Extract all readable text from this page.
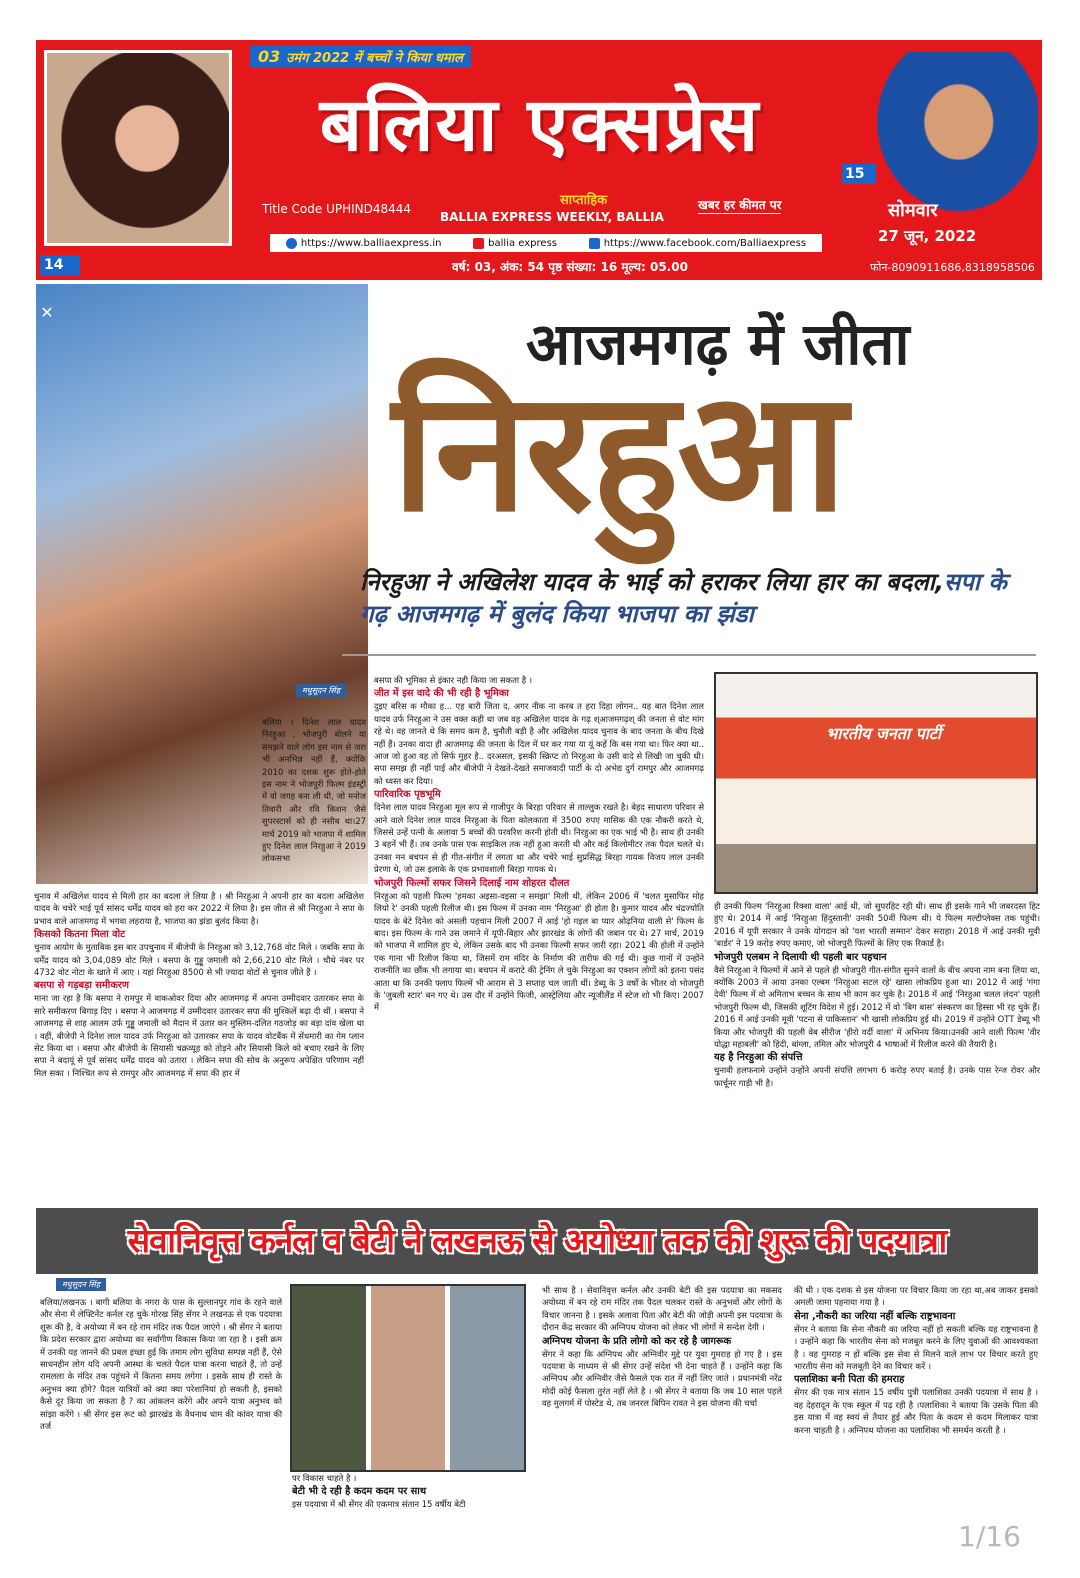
14
15
03 उमंग 2022 में बच्चों ने किया धमाल
बलिया एक्सप्रेस
Title Code UPHIND48444
साप्ताहिक
BALLIA EXPRESS WEEKLY, BALLIA
खबर हर कीमत पर	सोमवार
27 जून, 2022
https://www.balliaexpress.in	ballia express	https://www.facebook.com/Balliaexpress
वर्ष: 03, अंक: 54 पृष्ठ संख्या: 16 मूल्य: 05.00	फोन-8090911686,8318958506
✕	आजमगढ़ में जीता
निरहुआ
निरहुआ ने अखिलेश यादव के भाई को हराकर लिया हार का बदला,सपा के गढ़ आजमगढ़ में बुलंद किया भाजपा का झंडा
मधुसूदन सिंह

बलिया । दिनेश लाल यादव निरहुआ , भोजपुरी बोलने या समझने वाले लोग इस नाम से जरा भी अनभिज्ञ नहीं हैं, क्योंकि 2010 का दशक शुरू होते-होते इस नाम ने भोजपुरी फिल्म इंडस्ट्री में वो जगह बना ली थी, जो मनोज तिवारी और रवि किशन जैसे सुपरस्टार्स को ही नसीब था।27 मार्च 2019 को भाजपा में शामिल हुए दिनेश लाल निरहुआ ने 2019 लोकसभा

चुनाव में अखिलेश यादव से मिली हार का बदला ले लिया है । श्री निरहुआ ने अपनी हार का बदला अखिलेश यादव के चचेरे भाई पूर्व सांसद धर्मेंद्र यादव को हरा कर 2022 में लिया है। इस जीत से श्री निरहुआ ने सपा के प्रभाव वाले आजमगढ़ में भगवा लहराया है, भाजपा का झंडा बुलंद किया है।

किसको कितना मिला वोट

चुनाव आयोग के मुताबिक इस बार उपचुनाव में बीजेपी के निरहुआ को 3,12,768 वोट मिले । जबकि सपा के धर्मेंद्र यादव को 3,04,089 वोट मिले । बसपा के गुड्डू जमाली को 2,66,210 वोट मिले । चौथे नंबर पर 4732 वोट नोटा के खाते में आए । यहां निरहुआ 8500 से भी ज्यादा वोटों से चुनाव जीते हैं ।

बसपा से गड़बड़ा समीकरण

माना जा रहा है कि बसपा ने रामपुर में वाकओवर दिया और आजमगढ़ में अपना उम्मीदवार उतारकर सपा के सारे समीकरण बिगाड़ दिए । बसपा ने आजमगढ़ में उम्मीदवार उतारकर सपा की मुश्किलें बढ़ा दी थीं । बसपा ने आजमगढ़ से शाह आलम उर्फ गुड्डू जमाली को मैदान में उतार कर मुस्लिम-दलित गठजोड़ का बड़ा दांव खेला था । वहीं, बीजेपी ने दिनेश लाल यादव उर्फ निरहुआ को उतारकर सपा के यादव वोटबैंक में सेंधमारी का गेम प्लान सेट किया था । बसपा और बीजेपी के सियासी चक्रव्यूह को तोड़ने और सियासी किले को बचाए रखने के लिए सपा ने बदायूं से पूर्व सांसद धर्मेंद्र यादव को उतारा । लेकिन सपा की सोच के अनुरूप अपेक्षित परिणाम नहीं मिल सका । निश्चित रूप से रामपुर और आजमगढ़ में सपा की हार में

बसपा की भूमिका से इंकार नही किया जा सकता है ।

जीत में इस वादे की भी रही है भूमिका

दुइए बरिस क मौका ह... एह बारी जिता द, अगर नीक ना करब त हरा दिहा लोगन.. यह बात दिनेश लाल यादव उर्फ निरहुआ ने उस वक्त कही था जब वह अखिलेश यादव के गढ़ श्आजमगढ़श् की जनता से वोट मांग रहे थे। वह जानते थे कि समय कम है, चुनौती बड़ी है और अखिलेश यादव चुनाव के बाद जनता के बीच दिखे नहीं हैं। उनका वादा ही आजमगढ़ की जनता के दिल में घर कर गया या यूं कहें कि बस गया था। फिर क्या था.. आज जो हुआ वह तो सिर्फ मुहर है.. दरअसल, इसकी स्क्रिप्ट तो निरहुआ के उसी वादे से लिखी जा चुकी थी। सपा समझ ही नहीं पाई और बीजेपी ने देखते-देखते समाजवादी पार्टी के दो अभेद्य दुर्ग रामपुर और आजमगढ़ को ध्वस्त कर दिया।

पारिवारिक पृष्ठभूमि

दिनेश लाल यादव निरहुआ मूल रूप से गाजीपुर के बिरहा परिवार से ताल्लुक रखते है। बेहद साधारण परिवार से आने वाले दिनेश लाल यादव निरहुआ के पिता कोलकाता में 3500 रुपए मासिक की एक नौकरी करते थे, जिससे उन्हें पत्नी के अलावा 5 बच्चों की परवरिश करनी होती थी। निरहुआ का एक भाई भी है। साथ ही उनकी 3 बहनें भी हैं। तब उनके पास एक साइकिल तक नहीं हुआ करती थी और कई किलोमीटर तक पैदल चलते थे। उनका मन बचपन से ही गीत-संगीत में लगता था और चचेरे भाई सुप्रसिद्ध बिरहा गायक विजय लाल उनकी प्रेरणा थे, जो उस इलाके के एक प्रभावशाली बिरहा गायक थे।

भोजपुरी फिल्मों सफर जिसने दिलाई नाम शोहरत दौलत

निरहुआ को पहली फिल्म 'हमका अइसा-वइसा न समझा' मिली थी, लेकिन 2006 में 'चलत मुसाफिर मोह लियो रे' उनकी पहली रिलीज थी। इस फिल्म में उनका नाम 'निरहुआ' ही होता है। कुमार यादव और चंद्रज्योति यादव के बेटे दिनेश को असली पहचान मिली 2007 में आई 'हो गइल बा प्यार ओढ़निया वाली से' फिल्म के बाद। इस फिल्म के गाने उस जमाने में यूपी-बिहार और झारखंड के लोगों की जबान पर थे। 27 मार्च, 2019 को भाजपा में शामिल हुए थे, लेकिन उसके बाद भी उनका फिल्मी सफर जारी रहा। 2021 की होली में उन्होंने एक गाना भी रिलीज किया था, जिसमें राम मंदिर के निर्माण की तारीफ की गई थी। कुछ गानों में उन्होंने राजनीति का छौंक भी लगाया था। बचपन में कराटे की ट्रेनिंग ले चुके निरहुआ का एक्शन लोगों को इतना पसंद आता था कि उनकी फ्लाप फिल्में भी आराम से 3 सप्ताह चल जाती थीं। डेब्यू के 3 वर्षों के भीतर वो भोजपुरी के 'जुबली स्टार' बन गए थे। उस दौर में उन्होंने फिजी, आस्ट्रेलिया और न्यूजीलैंड में स्टेज शो भी किए। 2007 में

भारतीय जनता पार्टी

ही उनकी फिल्म 'निरहुआ रिक्शा वाला' आई थी, जो सुपरहिट रही थी। साथ ही इसके गाने भी जबरदस्त हिट हुए थे। 2014 में आई 'निरहुआ हिंदुस्तानी' उनकी 50वीं फिल्म थी। ये फिल्म मल्टीप्लेक्स तक पहुंची। 2016 में यूपी सरकार ने उनके योगदान को 'यश भारती सम्मान' देकर सराहा। 2018 में आई उनकी मूवी 'बार्डर' ने 19 करोड़ रुपए कमाए, जो भोजपुरी फिल्मों के लिए एक रिकार्ड है।

भोजपुरी एलबम ने दिलायी थी पहली बार पहचान

वैसे निरहुआ ने फिल्मों में आने से पहले ही भोजपुरी गीत-संगीत सुनने वालों के बीच अपना नाम बना लिया था, क्योंकि 2003 में आया उनका एल्बम 'निरहुआ सटल रहे' खासा लोकप्रिय हुआ था। 2012 में आई 'गंगा देवी' फिल्म में वो अमिताभ बच्चन के साथ भी काम कर चुके है। 2018 में आई 'निरहुआ चलल लंदन' पहली भोजपुरी फिल्म थी, जिसकी शूटिंग विदेश में हुई। 2012 में वो 'बिग बास' संस्करण का हिस्सा भी रह चुके हैं। 2016 में आई उनकी मूवी 'पटना से पाकिस्तान' भी खासी लोकप्रिय हुई थी। 2019 में उन्होंने OTT डेब्यू भी किया और भोजपुरी की पहली वेब सीरीज 'हीरो वर्दी वाला' में अभिनय किया।उनकी आने वाली फिल्म 'वीर योद्धा महाबली' को हिंदी, बांग्ला, तमिल और भोजपुरी 4 भाषाओं में रिलीज करने की तैयारी है।

यह है निरहुआ की संपत्ति

चुनावी हलफनामे उन्होंने उन्होंने अपनी संपत्ति लगभग 6 करोड़ रुपए बताई है। उनके पास रेन्ज रोवर और फार्चूनर गाड़ी भी है।

सेवानिवृत्त कर्नल व बेटी ने लखनऊ से अयोध्या तक की शुरू की पदयात्रा
मधुसूदन सिंह

बलिया/लखनऊ । बागी बलिया के नगरा के पास के सुल्तानपुर गांव के रहने वाले और सेना में लेफ्टिनेंट कर्नल रह चुके गोरख सिंह सेंगर ने लखनऊ से एक पदयात्रा शुरू की है, वे अयोध्या में बन रहे राम मंदिर तक पैदल जाएंगे । श्री सेंगर ने बताया कि प्रदेश सरकार द्वारा अयोध्या का सर्वांगीण विकास किया जा रहा है । इसी क्रम में उनकी यह जानने की प्रबल इच्छा हुई कि तमाम लोग सुविधा सम्पन्न नहीं हैं, ऐसे साधनहीन लोग यदि अपनी आस्था के चलते पैदल यात्रा करना चाहते हैं, तो उन्हें रामलला के मंदिर तक पहुंचने में कितना समय लगेगा । इसके साथ ही रास्ते के अनुभव क्या होंगे? पैदल यात्रियों को क्या क्या परेशानियां हो सकती है, इसको कैसे दूर किया जा सकता है ? का आंकलन करेंगे और अपने यात्रा अनुभव को सांझा करेंगे । श्री सेंगर इस रूट को झारखंड के वैधनाथ धाम की कांवर यात्रा की तर्ज

पर विकास चाहते है ।

बेटी भी दे रही है कदम कदम पर साथ

इस पदयात्रा में श्री सेंगर की एकमात्र संतान 15 वर्षीय बेटी

भी साथ है । सेवानिवृत्त कर्नल और उनकी बेटी की इस पदयात्रा का मकसद अयोध्या में बन रहे राम मंदिर तक पैदल चलकर रास्ते के अनुभवों और लोगों के विचार जानना है । इसके अलावा पिता और बेटी की जोड़ी अपनी इस पदयात्रा के दौरान केंद्र सरकार की अग्निपथ योजना को लेकर भी लोगों मे सन्देश देगी ।

अग्निपथ योजना के प्रति लोगो को कर रहे है जागरूक

सेंगर ने कहा कि अग्निपथ और अग्निवीर मुद्दे पर युवा गुमराह हो गए है । इस पदयात्रा के माध्यम से श्री सेंगर उन्हें संदेश भी देना चाहते हैं । उन्होंने कहा कि अग्निपथ और अग्निवीर जैसे फैसले एक रात में नहीं लिए जाते । प्रधानमंत्री नरेंद्र मोदी कोई फैसला तुरंत नहीं लेते है । श्री सेंगर ने बताया कि जब 10 साल पहले वह मुलगर्म में पोस्टेड थे, तब जनरल बिपिन रावत ने इस योजना की चर्चा

की थी । एक दशक से इस योजना पर विचार किया जा रहा था,अब जाकर इसको अमली जामा पहनाया गया है ।

सेना ,नौकरी का जरिया नहीं बल्कि राष्ट्रभावना

सेंगर ने बताया कि सेना नौकरी का जरिया नहीं हो सकती बल्कि यह राष्ट्रभावना है । उन्होंने कहा कि भारतीय सेना को मजबूत करने के लिए युवाओं की आवश्यकता है । वह गुमराह न हों बल्कि इस सेवा से मिलने वाले लाभ पर विचार करते हुए भारतीय सेना को मजबूती देने का विचार करें ।

पलाशिका बनी पिता की हमराह

सेंगर की एक मात्र संतान 15 वर्षीय पुत्री पलाशिका उनकी पदयात्रा में साथ है । वह देहरादून के एक स्कूल में पढ़ रही है ।पलाशिका ने बताया कि उसके पिता की इस यात्रा में वह स्वयं से तैयार हुई और पिता के कदम से कदम मिलाकर यात्रा करना चाहती है । अग्निपथ योजना का पलाशिका भी समर्थन करती है ।

1/16
